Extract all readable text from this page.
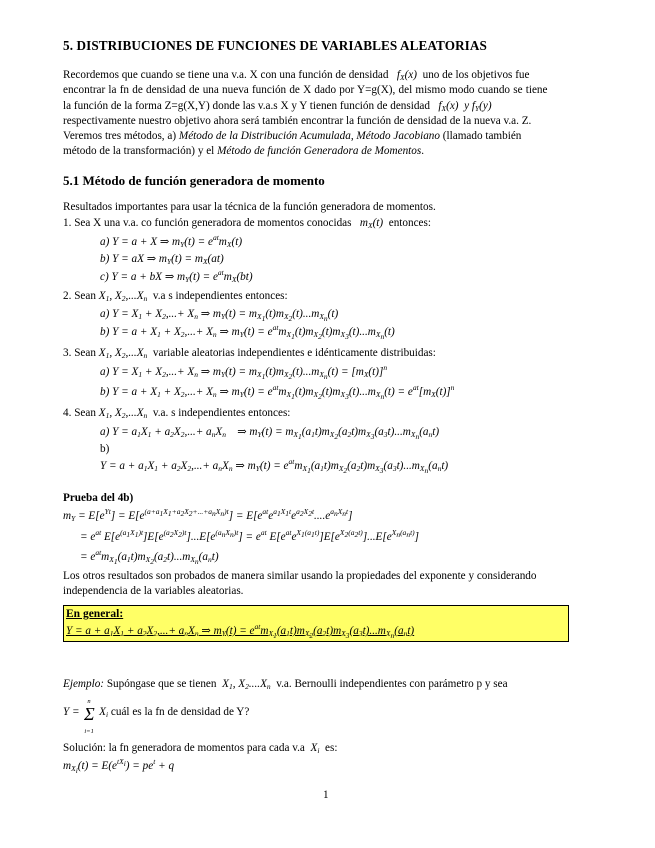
5. DISTRIBUCIONES DE FUNCIONES DE VARIABLES ALEATORIAS
Recordemos que cuando se tiene una v.a. X con una función de densidad   $f_X(x)$  uno de los objetivos fue
encontrar la fn de densidad de una nueva función de X dado por Y=g(X), del mismo modo cuando se tiene
la función de la forma Z=g(X,Y) donde las v.a.s X y Y tienen función de densidad   $f_X(x)$  y $f_Y(y)$
respectivamente nuestro objetivo ahora será también encontrar la función de densidad de la nueva v.a. Z.
Veremos tres métodos, a) Método de la Distribución Acumulada, Método Jacobiano (llamado también
método de la transformación) y el Método de función Generadora de Momentos.
5.1 Método de función generadora de momento
Resultados importantes para usar la técnica de la función generadora de momentos.
1. Sea X una v.a. co función generadora de momentos conocidas   $m_X(t)$  entonces:
a) Y = a + X ⇒ $m_Y(t) = e^{at}m_X(t)$
b) Y = aX ⇒ $m_Y(t) = m_X(at)$
c) Y = a + bX ⇒ $m_Y(t) = e^{at}m_X(bt)$
2. Sean $X_1$, $X_2,...X_n$ v.a s independientes entonces:
a) $Y = X_1 + X_2,...+ X_n$ ⇒ $m_Y(t) = m_{X_1}(t)m_{X_2}(t)...m_{X_n}(t)$
b) $Y = a + X_1 + X_2,...+ X_n$ ⇒ $m_Y(t) = e^{at}m_{X_1}(t)m_{X_2}(t)m_{X_3}(t)...m_{X_n}(t)$
3. Sean $X_1$, $X_2,...X_n$ variable aleatorias independientes e idénticamente distribuidas:
a) $Y = X_1 + X_2,...+ X_n$ ⇒ $m_Y(t) = m_{X_1}(t)m_{X_2}(t)...m_{X_n}(t) = [m_X(t)]^n$
b) $Y = a + X_1 + X_2,...+ X_n$ ⇒ $m_Y(t) = e^{at}m_{X_1}(t)m_{X_2}(t)m_{X_3}(t)...m_{X_n}(t) = e^{at}[m_X(t)]^n$
4. Sean $X_1$, $X_2,...X_n$ v.a. s independientes entonces:
a) $Y = a_1X_1 + a_2X_2,...+ a_nX_n$    ⇒ $m_Y(t) = m_{X_1}(a_1t)m_{X_2}(a_2t)m_{X_3}(a_3t)...m_{X_n}(a_nt)$
b)
$Y = a + a_1X_1 + a_2X_2,...+ a_nX_n$ ⇒ $m_Y(t) = e^{at}m_{X_1}(a_1t)m_{X_2}(a_2t)m_{X_3}(a_3t)...m_{X_n}(a_nt)$
Prueba del 4b)
$m_Y = E[e^{Yt}] = E[e^{(a+a_1X_1+a_2X_2+...+a_nX_n)t}] = E[e^{at}e^{a_1X_1t}e^{a_2X_2t}....e^{a_nX_nt}]$
= $e^{at}$ $E[e^{(a_1X_1)t}]E[e^{(a_2X_2)t}]...E[e^{(a_nX_n)t}] = e^{at}$ $E[e^{at}e^{X_1(a_1t)}]E[e^{X_2(a_2t)}]...E[e^{X_n(a_nt)}]$
= $e^{at}m_{X_1}(a_1t)m_{X_2}(a_2t)...m_{X_n}(a_nt)$
Los otros resultados son probados de manera similar usando la propiedades del exponente y considerando
independencia de la variables aleatorias.
En general:
$Y = a + a_1X_1 + a_2X_2,...+ a_nX_n$ ⇒ $m_Y(t) = e^{at}m_{X_1}(a_1t)m_{X_2}(a_2t)m_{X_3}(a_3t)...m_{X_n}(a_nt)$
Ejemplo: Supóngase que se tienen  $X_1$, $X_2....X_n$ v.a. Bernoulli independientes con parámetro p y sea
Y = Σ
n
i=1
$X_i$ cuál es la fn de densidad de Y?
Solución: la fn generadora de momentos para cada v.a  $X_i$ es:
$m_{X_i}(t) = E(e^{tX_i}) = pe^t + q$
1
